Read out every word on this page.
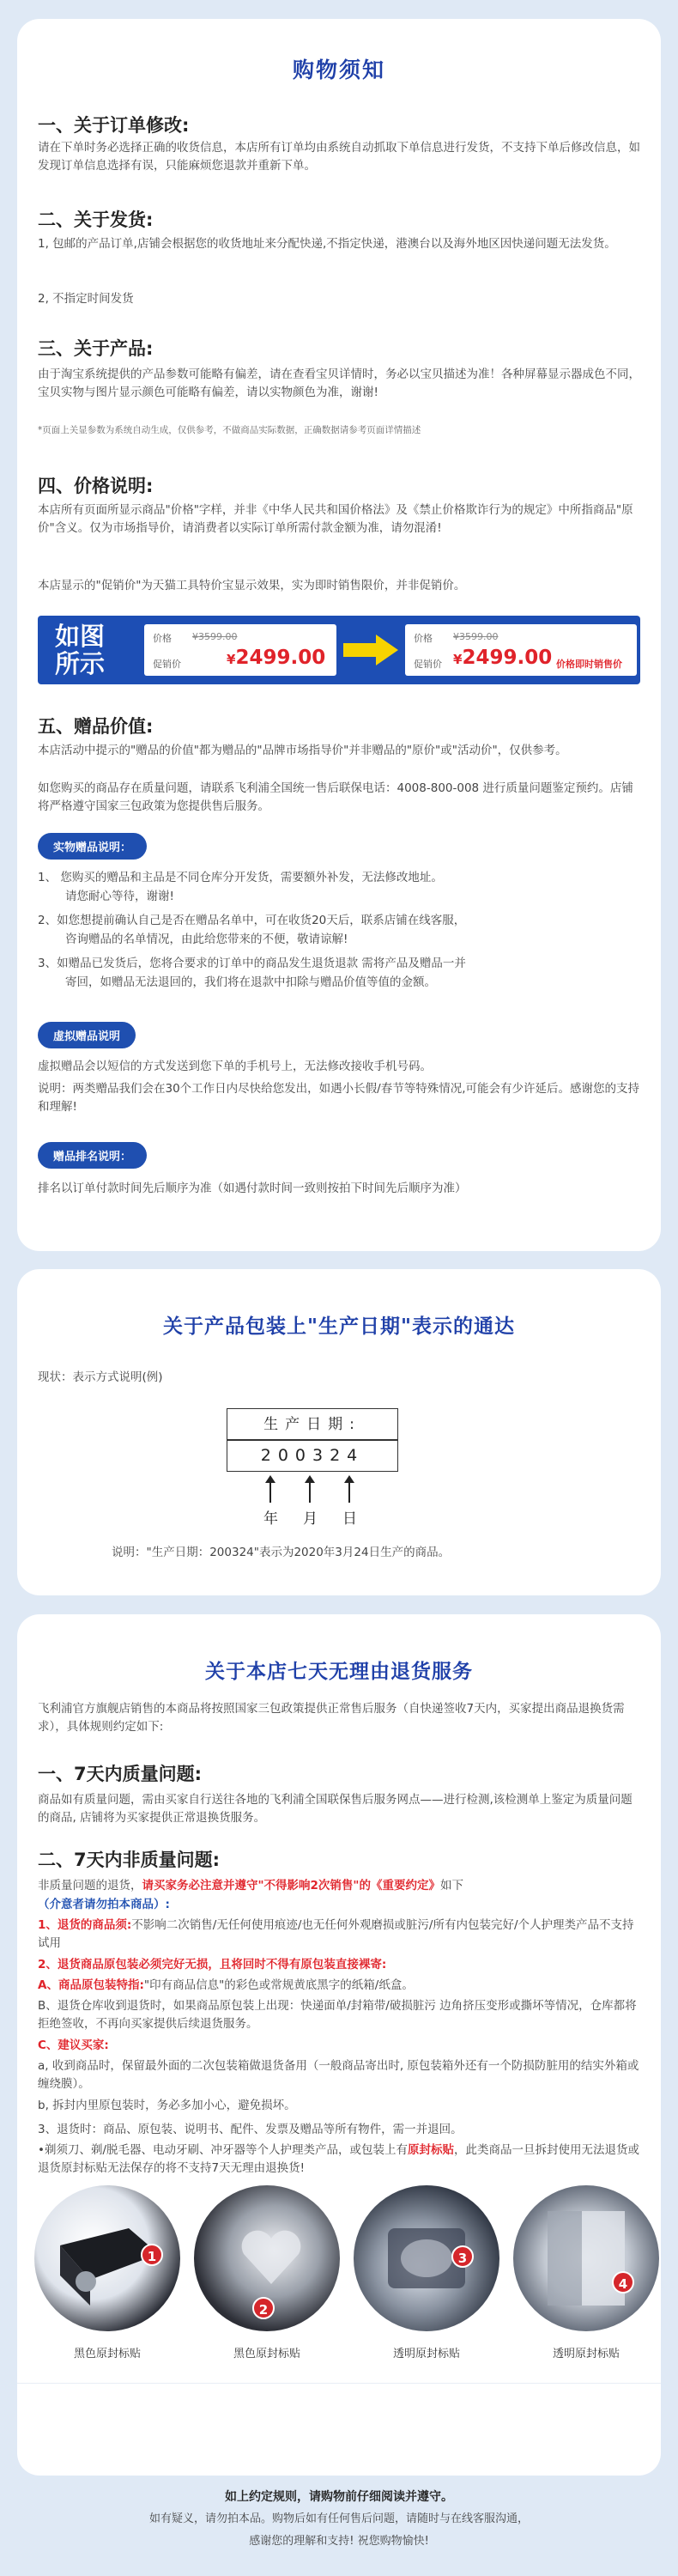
购物须知
一、关于订单修改:
请在下单时务必选择正确的收货信息，本店所有订单均由系统自动抓取下单信息进行发货，不支持下单后修改信息，如发现订单信息选择有误，只能麻烦您退款并重新下单。
二、关于发货:
1, 包邮的产品订单,店铺会根据您的收货地址来分配快递,不指定快递，港澳台以及海外地区因快递问题无法发货。
2, 不指定时间发货
三、关于产品:
由于淘宝系统提供的产品参数可能略有偏差，请在查看宝贝详情时，务必以宝贝描述为准！各种屏幕显示器成色不同，宝贝实物与图片显示颜色可能略有偏差，请以实物颜色为准，谢谢!
*页面上关显参数为系统自动生成，仅供参考，不做商品实际数据，正确数据请参考页面详情描述
四、价格说明:
本店所有页面所显示商品"价格"字样，并非《中华人民共和国价格法》及《禁止价格欺诈行为的规定》中所指商品"原价"含义。仅为市场指导价，请消费者以实际订单所需付款金额为准，请勿混淆!
本店显示的"促销价"为天猫工具特价宝显示效果，实为即时销售限价，并非促销价。
如图所示
价格 ¥3599.00
促销价	¥2499.00
价格 ¥3599.00
促销价 ¥2499.00 价格即时销售价
五、赠品价值:
本店活动中提示的"赠品的价值"都为赠品的"品牌市场指导价"并非赠品的"原价"或"活动价"，仅供参考。
如您购买的商品存在质量问题，请联系飞利浦全国统一售后联保电话：4008-800-008 进行质量问题鉴定预约。店铺将严格遵守国家三包政策为您提供售后服务。
实物赠品说明：
1、 您购买的赠品和主品是不同仓库分开发货，需要额外补发，无法修改地址。
请您耐心等待，谢谢!
2、如您想提前确认自己是否在赠品名单中，可在收货20天后，联系店铺在线客服，
咨询赠品的名单情况，由此给您带来的不便，敬请谅解!
3、如赠品已发货后，您将合要求的订单中的商品发生退货退款 需将产品及赠品一并
寄回，如赠品无法退回的，我们将在退款中扣除与赠品价值等值的金额。
虚拟赠品说明
虚拟赠品会以短信的方式发送到您下单的手机号上，无法修改接收手机号码。
说明：两类赠品我们会在30个工作日内尽快给您发出，如遇小长假/春节等特殊情况,可能会有少许延后。感谢您的支持和理解!
赠品排名说明：
排名以订单付款时间先后顺序为准（如遇付款时间一致则按拍下时间先后顺序为准）
关于产品包装上"生产日期"表示的通达
现状：表示方式说明(例)
生产日期:
200324
年 月 日
说明："生产日期：200324"表示为2020年3月24日生产的商品。
关于本店七天无理由退货服务
飞利浦官方旗舰店销售的本商品将按照国家三包政策提供正常售后服务（自快递签收7天内，买家提出商品退换货需求），具体规则约定如下:
一、7天内质量问题:
商品如有质量问题，需由买家自行送往各地的飞利浦全国联保售后服务网点——进行检测,该检测单上鉴定为质量问题的商品, 店铺将为买家提供正常退换货服务。
二、7天内非质量问题:
非质量问题的退货，请买家务必注意并遵守"不得影响2次销售"的《重要约定》如下
（介意者请勿拍本商品）:
1、退货的商品须:不影响二次销售/无任何使用痕迹/也无任何外观磨损或脏污/所有内包装完好/个人护理类产品不支持试用
2、退货商品原包装必须完好无损，且将回时不得有原包装直接裸寄:
A、商品原包装特指:"印有商品信息"的彩色或常规黄底黑字的纸箱/纸盒。
B、退货仓库收到退货时，如果商品原包装上出现：快递面单/封箱带/破损脏污 边角挤压变形或撕坏等情况，仓库都将拒绝签收，不再向买家提供后续退货服务。
C、建议买家:
a, 收到商品时，保留最外面的二次包装箱做退货备用（一般商品寄出时, 原包装箱外还有一个防损防脏用的结实外箱或缠绕膜）。
b, 拆封内里原包装时，务必多加小心，避免损坏。
3、退货时：商品、原包装、说明书、配件、发票及赠品等所有物件，需一并退回。
•剃须刀、剃/脱毛器、电动牙刷、冲牙器等个人护理类产品，或包装上有原封标贴，此类商品一旦拆封使用无法退货或退货原封标贴无法保存的将不支持7天无理由退换货!
1
2
3
4
黑色原封标贴	黑色原封标贴	透明原封标贴	透明原封标贴
如上约定规则，请购物前仔细阅读并遵守。
如有疑义，请勿拍本品。购物后如有任何售后问题，请随时与在线客服沟通，
感谢您的理解和支持! 祝您购物愉快!
